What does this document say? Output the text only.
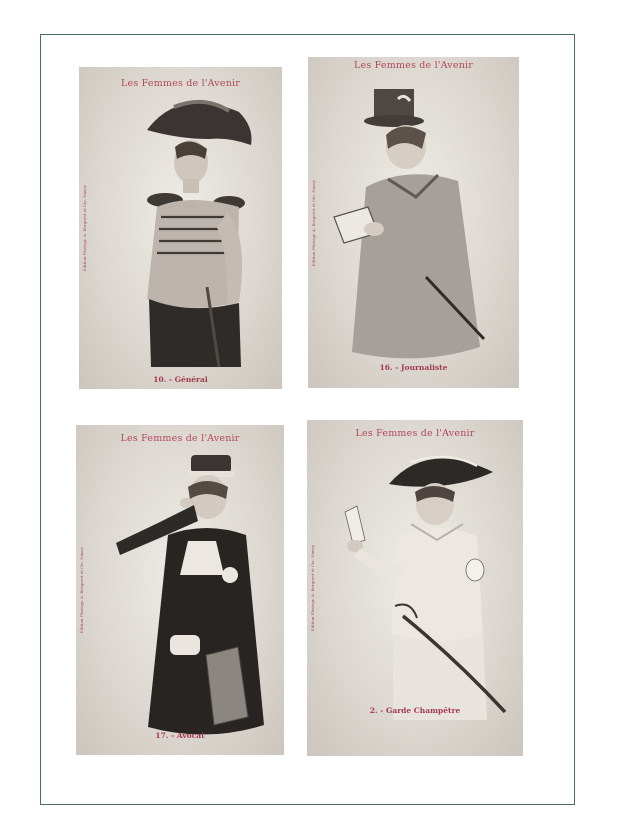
Les Femmes de l'Avenir
Édition Photogr. A. Bergeret et Cie. Nancy
10. - Général
Les Femmes de l'Avenir
Édition Photogr. A. Bergeret et Cie. Nancy
16. - Journaliste
Les Femmes de l'Avenir
Édition Photogr. A. Bergeret et Cie. Nancy
17. - Avocat
Les Femmes de l'Avenir
Édition Photogr. A. Bergeret et Cie. Nancy
2. - Garde Champêtre
